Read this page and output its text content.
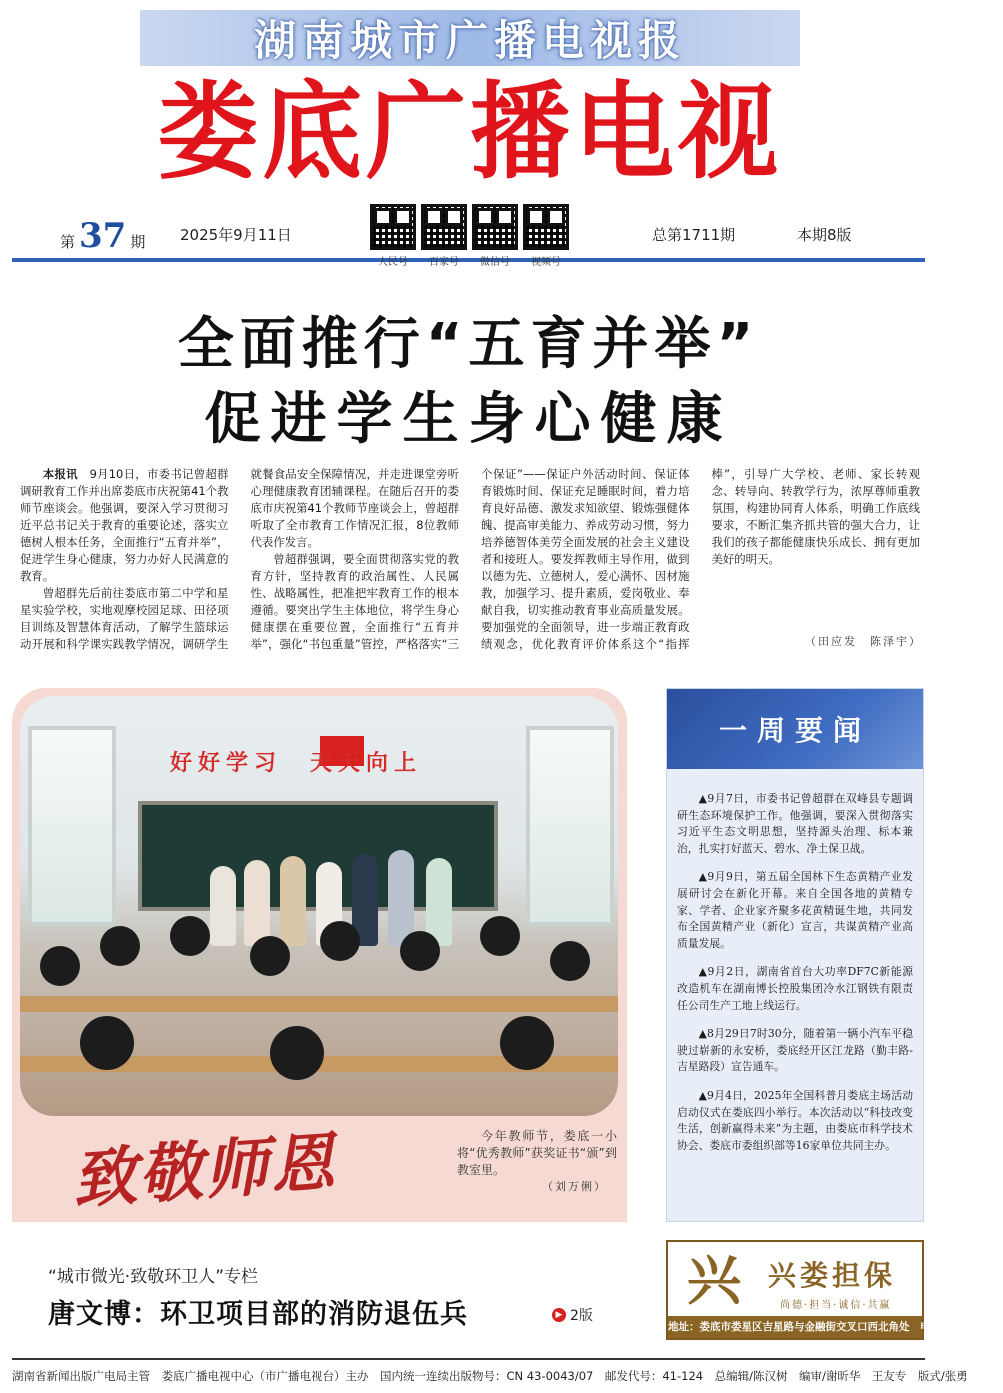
湖南城市广播电视报
娄底广播电视
第 37 期 2025年9月11日	总第1711期	本期8版
人民号	百家号	微信号	视频号
全面推行“五育并举”
促进学生身心健康

本报讯　 9月10日，市委书记曾超群调研教育工作并出席娄底市庆祝第41个教师节座谈会。他强调，要深入学习贯彻习近平总书记关于教育的重要论述，落实立德树人根本任务，全面推行“五育并举”，促进学生身心健康，努力办好人民满意的教育。

曾超群先后前往娄底市第二中学和星星实验学校，实地观摩校园足球、田径项目训练及智慧体育活动，了解学生篮球运动开展和科学课实践教学情况，调研学生就餐食品安全保障情况，并走进课堂旁听心理健康教育团辅课程。在随后召开的娄底市庆祝第41个教师节座谈会上，曾超群听取了全市教育工作情况汇报，8位教师代表作发言。

曾超群强调，要全面贯彻落实党的教育方针，坚持教育的政治属性、人民属性、战略属性，把准把牢教育工作的根本遵循。要突出学生主体地位，将学生身心健康摆在重要位置，全面推行“五育并举”，强化“书包重量”管控，严格落实“三个保证”——保证户外活动时间、保证体育锻炼时间、保证充足睡眠时间，着力培育良好品德、激发求知欲望、锻炼强健体魄、提高审美能力、养成劳动习惯，努力培养德智体美劳全面发展的社会主义建设者和接班人。要发挥教师主导作用，做到以德为先、立德树人，爱心满怀、因材施教，加强学习、提升素质，爱岗敬业、奉献自我，切实推动教育事业高质量发展。要加强党的全面领导，进一步端正教育政绩观念，优化教育评价体系这个“指挥棒”，引导广大学校、老师、家长转观念、转导向、转教学行为，浓厚尊师重教氛围，构建协同育人体系，明确工作底线要求，不断汇集齐抓共管的强大合力，让我们的孩子都能健康快乐成长、拥有更加美好的明天。

（田应发　陈泽宇）
好好学习　天天向上
致敬师恩	今年教师节，娄底一小将“优秀教师”获奖证书“颁”到教室里。
（刘万俐）
一周要闻

▲9月7日，市委书记曾超群在双峰县专题调研生态环境保护工作。他强调，要深入贯彻落实习近平生态文明思想，坚持源头治理、标本兼治，扎实打好蓝天、碧水、净土保卫战。

▲9月9日，第五届全国林下生态黄精产业发展研讨会在新化开幕。来自全国各地的黄精专家、学者、企业家齐聚多花黄精诞生地，共同发布全国黄精产业（新化）宣言，共谋黄精产业高质量发展。

▲9月2日，湖南省首台大功率DF7C新能源改造机车在湖南博长控股集团冷水江钢铁有限责任公司生产工地上线运行。

▲8月29日7时30分，随着第一辆小汽车平稳驶过崭新的永安桥，娄底经开区江龙路（勤丰路-吉星路段）宣告通车。

▲9月4日，2025年全国科普月娄底主场活动启动仪式在娄底四小举行。本次活动以“科技改变生活，创新赢得未来”为主题，由娄底市科学技术协会、娄底市委组织部等16家单位共同主办。

“城市微光·致敬环卫人”专栏
唐文博：环卫项目部的消防退伍兵	▶ 2版
兴 兴娄担保
尚德·担当·诚信·共赢
地址：娄底市娄星区吉星路与金融街交叉口西北角处　电话：8228817
湖南省新闻出版广电局主管　娄底广播电视中心（市广播电视台）主办　国内统一连续出版物号：CN 43-0043/07　邮发代号：41-124　总编辑/陈汉树　编审/谢昕华　王友专　版式/张勇
